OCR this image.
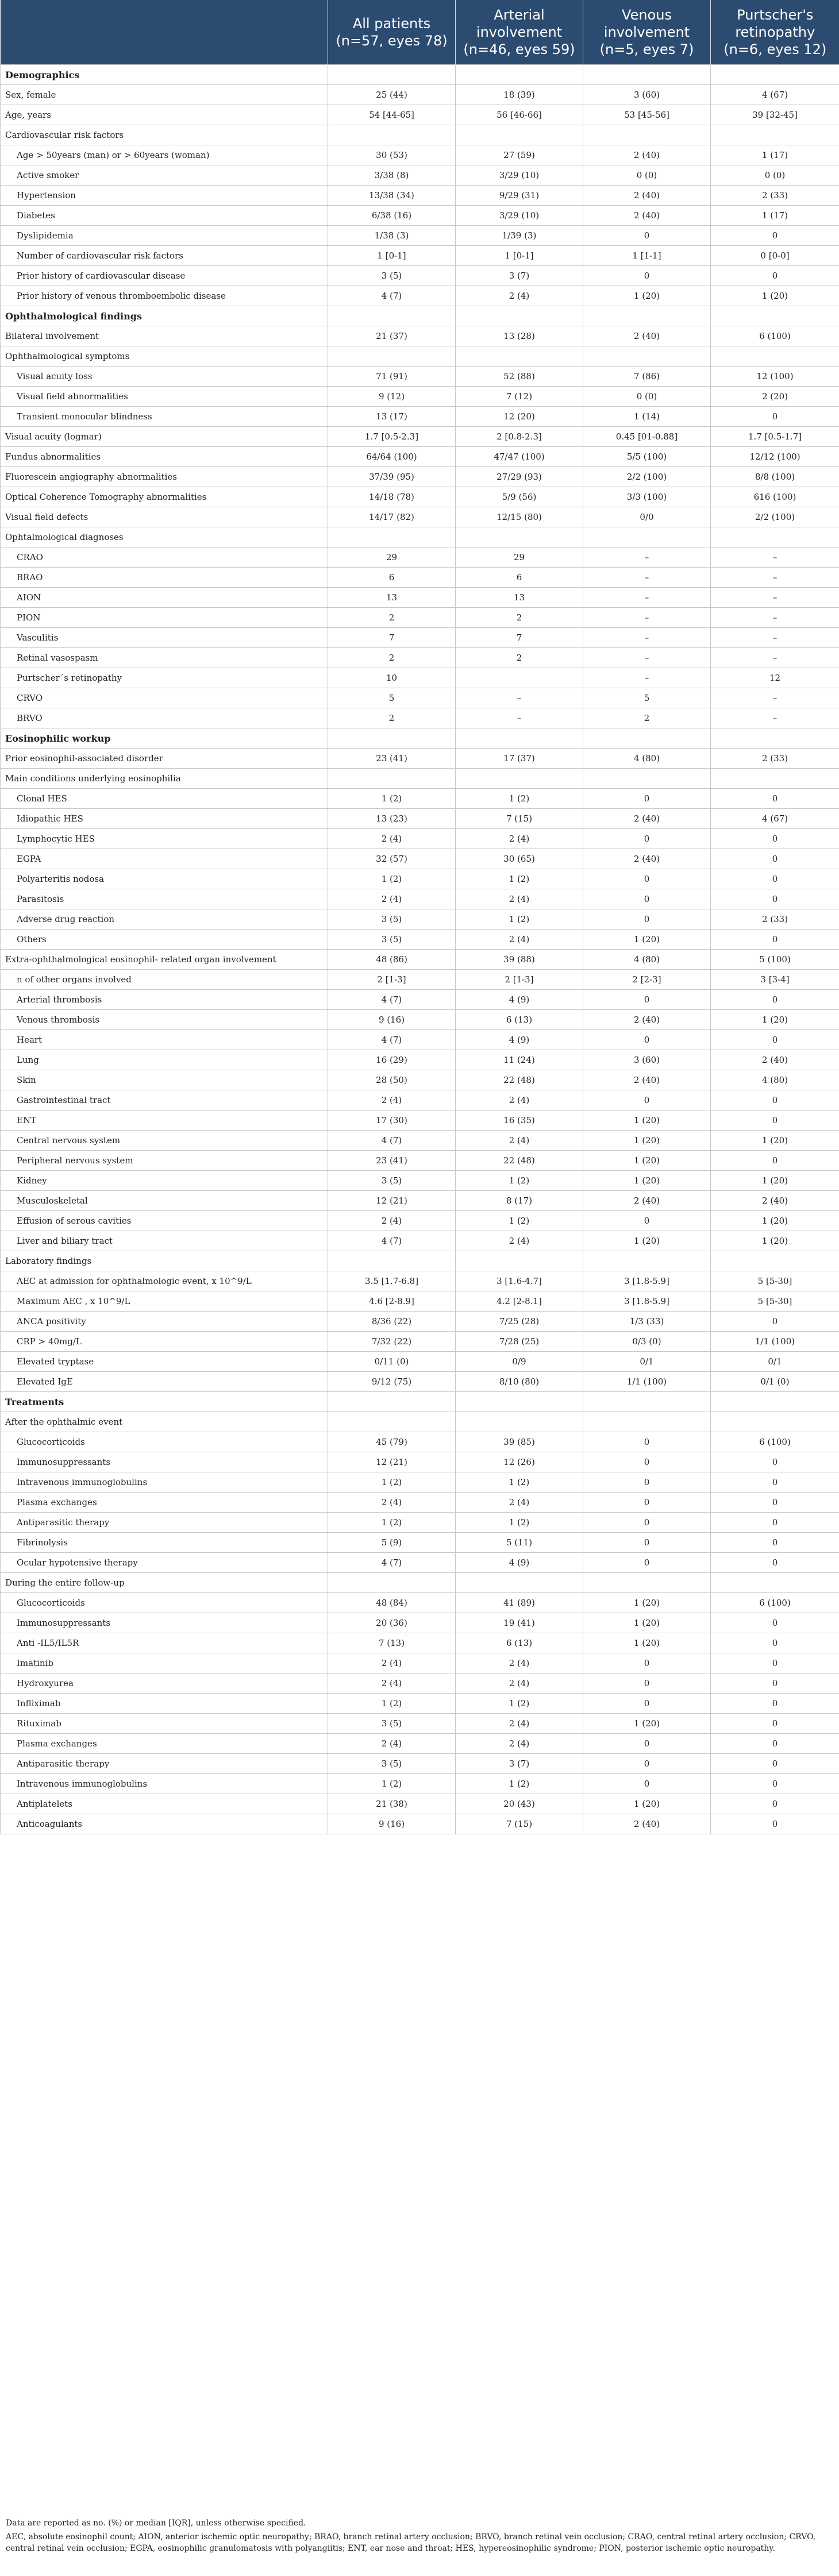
	All patients (n=57, eyes 78)	Arterial involvement (n=46, eyes 59)	Venous involvement (n=5, eyes 7)	Purtscher's retinopathy (n=6, eyes 12)
Demographics				
Sex, female	25 (44)	18 (39)	3 (60)	4 (67)
Age, years	54 [44-65]	56 [46-66]	53 [45-56]	39 [32-45]
Cardiovascular risk factors				
Age > 50years (man) or > 60years (woman)	30 (53)	27 (59)	2 (40)	1 (17)
Active smoker	3/38 (8)	3/29 (10)	0 (0)	0 (0)
Hypertension	13/38 (34)	9/29 (31)	2 (40)	2 (33)
Diabetes	6/38 (16)	3/29 (10)	2 (40)	1 (17)
Dyslipidemia	1/38 (3)	1/39 (3)	0	0
Number of cardiovascular risk factors	1 [0-1]	1 [0-1]	1 [1-1]	0 [0-0]
Prior history of cardiovascular disease	3 (5)	3 (7)	0	0
Prior history of venous thromboembolic disease	4 (7)	2 (4)	1 (20)	1 (20)
Ophthalmological findings				
Bilateral involvement	21 (37)	13 (28)	2 (40)	6 (100)
Ophthalmological symptoms				
Visual acuity loss	71 (91)	52 (88)	7 (86)	12 (100)
Visual field abnormalities	9 (12)	7 (12)	0 (0)	2 (20)
Transient monocular blindness	13 (17)	12 (20)	1 (14)	0
Visual acuity (logmar)	1.7 [0.5-2.3]	2 [0.8-2.3]	0.45 [01-0.88]	1.7 [0.5-1.7]
Fundus abnormalities	64/64 (100)	47/47 (100)	5/5 (100)	12/12 (100)
Fluorescein angiography abnormalities	37/39 (95)	27/29 (93)	2/2 (100)	8/8 (100)
Optical Coherence Tomography abnormalities	14/18 (78)	5/9 (56)	3/3 (100)	616 (100)
Visual field defects	14/17 (82)	12/15 (80)	0/0	2/2 (100)
Ophtalmological diagnoses				
CRAO	29	29	–	–
BRAO	6	6	–	–
AION	13	13	–	–
PION	2	2	–	–
Vasculitis	7	7	–	–
Retinal vasospasm	2	2	–	–
Purtscher´s retinopathy	10		–	12
CRVO	5	–	5	–
BRVO	2	–	2	–
Eosinophilic workup				
Prior eosinophil-associated disorder	23 (41)	17 (37)	4 (80)	2 (33)
Main conditions underlying eosinophilia				
Clonal HES	1 (2)	1 (2)	0	0
Idiopathic HES	13 (23)	7 (15)	2 (40)	4 (67)
Lymphocytic HES	2 (4)	2 (4)	0	0
EGPA	32 (57)	30 (65)	2 (40)	0
Polyarteritis nodosa	1 (2)	1 (2)	0	0
Parasitosis	2 (4)	2 (4)	0	0
Adverse drug reaction	3 (5)	1 (2)	0	2 (33)
Others	3 (5)	2 (4)	1 (20)	0
Extra-ophthalmological eosinophil- related organ involvement	48 (86)	39 (88)	4 (80)	5 (100)
n of other organs involved	2 [1-3]	2 [1-3]	2 [2-3]	3 [3-4]
Arterial thrombosis	4 (7)	4 (9)	0	0
Venous thrombosis	9 (16)	6 (13)	2 (40)	1 (20)
Heart	4 (7)	4 (9)	0	0
Lung	16 (29)	11 (24)	3 (60)	2 (40)
Skin	28 (50)	22 (48)	2 (40)	4 (80)
Gastrointestinal tract	2 (4)	2 (4)	0	0
ENT	17 (30)	16 (35)	1 (20)	0
Central nervous system	4 (7)	2 (4)	1 (20)	1 (20)
Peripheral nervous system	23 (41)	22 (48)	1 (20)	0
Kidney	3 (5)	1 (2)	1 (20)	1 (20)
Musculoskeletal	12 (21)	8 (17)	2 (40)	2 (40)
Effusion of serous cavities	2 (4)	1 (2)	0	1 (20)
Liver and biliary tract	4 (7)	2 (4)	1 (20)	1 (20)
Laboratory findings				
AEC at admission for ophthalmologic event, x 10^9/L	3.5 [1.7-6.8]	3 [1.6-4.7]	3 [1.8-5.9]	5 [5-30]
Maximum AEC , x 10^9/L	4.6 [2-8.9]	4.2 [2-8.1]	3 [1.8-5.9]	5 [5-30]
ANCA positivity	8/36 (22)	7/25 (28)	1/3 (33)	0
CRP > 40mg/L	7/32 (22)	7/28 (25)	0/3 (0)	1/1 (100)
Elevated tryptase	0/11 (0)	0/9	0/1	0/1
Elevated IgE	9/12 (75)	8/10 (80)	1/1 (100)	0/1 (0)
Treatments				
After the ophthalmic event				
Glucocorticoids	45 (79)	39 (85)	0	6 (100)
Immunosuppressants	12 (21)	12 (26)	0	0
Intravenous immunoglobulins	1 (2)	1 (2)	0	0
Plasma exchanges	2 (4)	2 (4)	0	0
Antiparasitic therapy	1 (2)	1 (2)	0	0
Fibrinolysis	5 (9)	5 (11)	0	0
Ocular hypotensive therapy	4 (7)	4 (9)	0	0
During the entire follow-up				
Glucocorticoids	48 (84)	41 (89)	1 (20)	6 (100)
Immunosuppressants	20 (36)	19 (41)	1 (20)	0
Anti -IL5/IL5R	7 (13)	6 (13)	1 (20)	0
Imatinib	2 (4)	2 (4)	0	0
Hydroxyurea	2 (4)	2 (4)	0	0
Infliximab	1 (2)	1 (2)	0	0
Rituximab	3 (5)	2 (4)	1 (20)	0
Plasma exchanges	2 (4)	2 (4)	0	0
Antiparasitic therapy	3 (5)	3 (7)	0	0
Intravenous immunoglobulins	1 (2)	1 (2)	0	0
Antiplatelets	21 (38)	20 (43)	1 (20)	0
Anticoagulants	9 (16)	7 (15)	2 (40)	0

Data are reported as no. (%) or median [IQR], unless otherwise specified.

AEC, absolute eosinophil count; AION, anterior ischemic optic neuropathy; BRAO, branch retinal artery occlusion; BRVO, branch retinal vein occlusion; CRAO, central retinal artery occlusion; CRVO, central retinal vein occlusion; EGPA, eosinophilic granulomatosis with polyangiitis; ENT, ear nose and throat; HES, hypereosinophilic syndrome; PION, posterior ischemic optic neuropathy.
